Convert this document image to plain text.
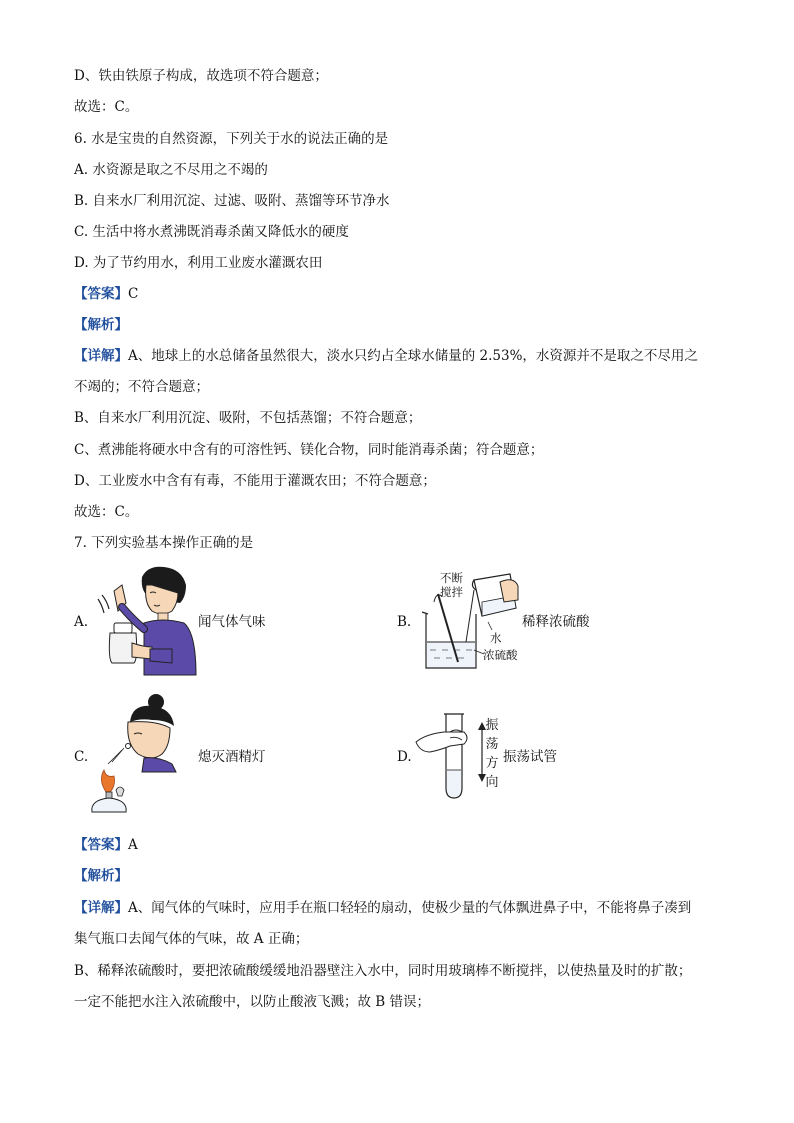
D、铁由铁原子构成，故选项不符合题意；
故选：C。
6. 水是宝贵的自然资源，下列关于水的说法正确的是
A. 水资源是取之不尽用之不竭的
B. 自来水厂利用沉淀、过滤、吸附、蒸馏等环节净水
C. 生活中将水煮沸既消毒杀菌又降低水的硬度
D. 为了节约用水，利用工业废水灌溉农田
【答案】C
【解析】
【详解】A、地球上的水总储备虽然很大，淡水只约占全球水储量的 2.53%，水资源并不是取之不尽用之
不竭的；不符合题意；
B、自来水厂利用沉淀、吸附，不包括蒸馏；不符合题意；
C、煮沸能将硬水中含有的可溶性钙、镁化合物，同时能消毒杀菌；符合题意；
D、工业废水中含有有毒，不能用于灌溉农田；不符合题意；
故选：C。
7. 下列实验基本操作正确的是
A.	闻气体气味	B.
不断
搅拌
稀释浓硫酸
水
浓硫酸
C.	熄灭酒精灯	D.
振
荡
方
向
振荡试管
【答案】A
【解析】
【详解】A、闻气体的气味时，应用手在瓶口轻轻的扇动，使极少量的气体飘进鼻子中，不能将鼻子凑到
集气瓶口去闻气体的气味，故 A 正确；
B、稀释浓硫酸时，要把浓硫酸缓缓地沿器壁注入水中，同时用玻璃棒不断搅拌，以使热量及时的扩散；
一定不能把水注入浓硫酸中，以防止酸液飞溅；故 B 错误；
